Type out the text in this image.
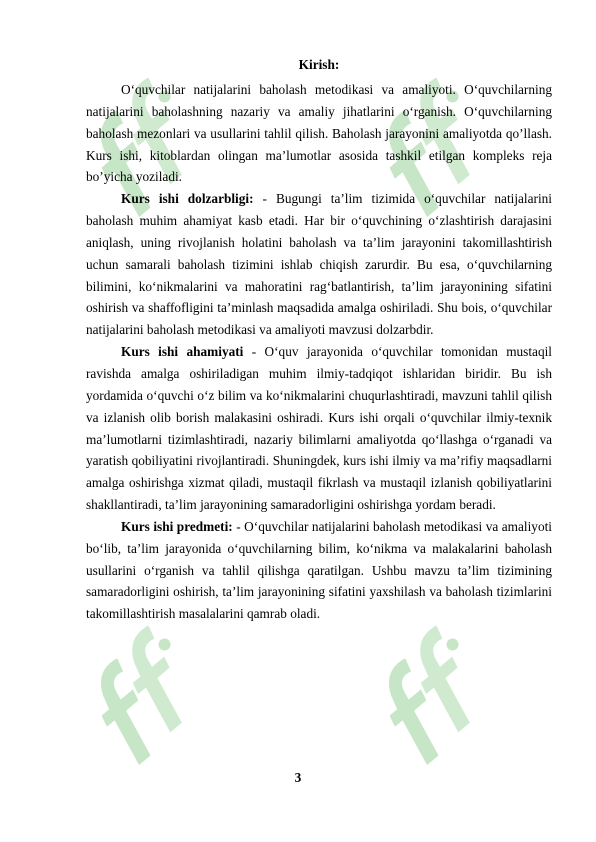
Kirish:

O‘quvchilar natijalarini baholash metodikasi va amaliyoti. O‘quvchilarning natijalarini baholashning nazariy va amaliy jihatlarini o‘rganish. O‘quvchilarning baholash mezonlari va usullarini tahlil qilish. Baholash jarayonini amaliyotda qo’llash. Kurs ishi, kitoblardan olingan ma’lumotlar asosida tashkil etilgan kompleks reja bo’yicha yoziladi.

Kurs ishi dolzarbligi: - Bugungi ta’lim tizimida o‘quvchilar natijalarini baholash muhim ahamiyat kasb etadi. Har bir o‘quvchining o‘zlashtirish darajasini aniqlash, uning rivojlanish holatini baholash va ta’lim jarayonini takomillashtirish uchun samarali baholash tizimini ishlab chiqish zarurdir. Bu esa, o‘quvchilarning bilimini, ko‘nikmalarini va mahoratini rag‘batlantirish, ta’lim jarayonining sifatini oshirish va shaffofligini ta’minlash maqsadida amalga oshiriladi. Shu bois, o‘quvchilar natijalarini baholash metodikasi va amaliyoti mavzusi dolzarbdir.

Kurs ishi ahamiyati - O‘quv jarayonida o‘quvchilar tomonidan mustaqil ravishda amalga oshiriladigan muhim ilmiy-tadqiqot ishlaridan biridir. Bu ish yordamida o‘quvchi o‘z bilim va ko‘nikmalarini chuqurlashtiradi, mavzuni tahlil qilish va izlanish olib borish malakasini oshiradi. Kurs ishi orqali o‘quvchilar ilmiy-texnik ma’lumotlarni tizimlashtiradi, nazariy bilimlarni amaliyotda qo‘llashga o‘rganadi va yaratish qobiliyatini rivojlantiradi. Shuningdek, kurs ishi ilmiy va ma’rifiy maqsadlarni amalga oshirishga xizmat qiladi, mustaqil fikrlash va mustaqil izlanish qobiliyatlarini shakllantiradi, ta’lim jarayonining samaradorligini oshirishga yordam beradi.

Kurs ishi predmeti: - O‘quvchilar natijalarini baholash metodikasi va amaliyoti bo‘lib, ta’lim jarayonida o‘quvchilarning bilim, ko‘nikma va malakalarini baholash usullarini o‘rganish va tahlil qilishga qaratilgan. Ushbu mavzu ta’lim tizimining samaradorligini oshirish, ta’lim jarayonining sifatini yaxshilash va baholash tizimlarini takomillashtirish masalalarini qamrab oladi.

3
